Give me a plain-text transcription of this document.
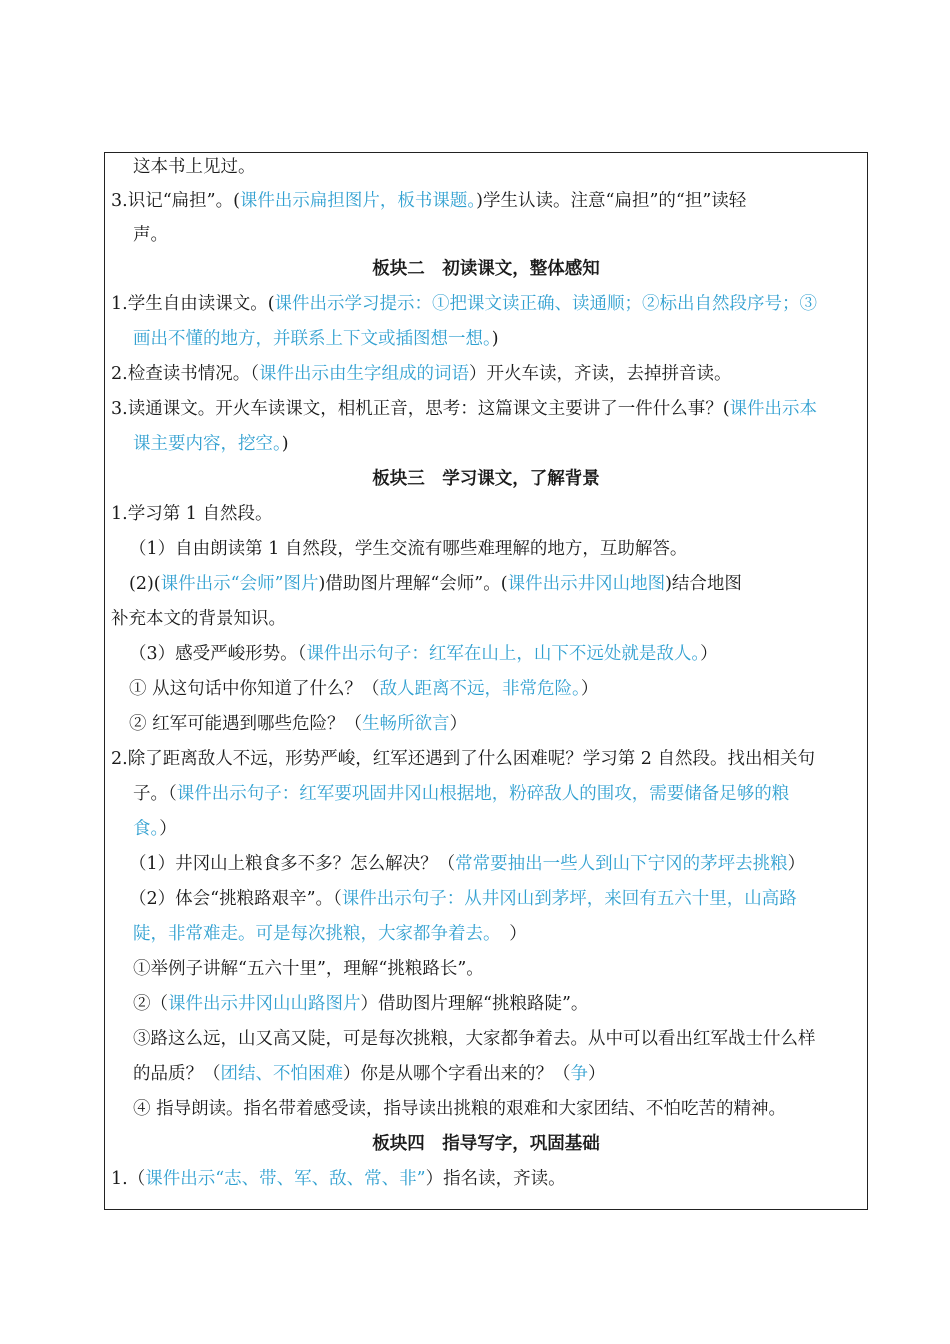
这本书上见过。
3.识记“扁担”。(课件出示扁担图片，板书课题。)学生认读。注意“扁担”的“担”读轻
声。
板块二　初读课文，整体感知
1.学生自由读课文。(课件出示学习提示：①把课文读正确、读通顺；②标出自然段序号；③
画出不懂的地方，并联系上下文或插图想一想。)
2.检查读书情况。（课件出示由生字组成的词语）开火车读，齐读，去掉拼音读。
3.读通课文。开火车读课文，相机正音，思考：这篇课文主要讲了一件什么事？(课件出示本
课主要内容，挖空。)
板块三　学习课文，了解背景
1.学习第 1 自然段。
（1）自由朗读第 1 自然段，学生交流有哪些难理解的地方，互助解答。
(2)(课件出示“会师”图片)借助图片理解“会师”。(课件出示井冈山地图)结合地图
补充本文的背景知识。
（3）感受严峻形势。（课件出示句子：红军在山上，山下不远处就是敌人。）
① 从这句话中你知道了什么？（敌人距离不远，非常危险。）
② 红军可能遇到哪些危险？（生畅所欲言）
2.除了距离敌人不远，形势严峻，红军还遇到了什么困难呢？学习第 2 自然段。找出相关句
子。（课件出示句子：红军要巩固井冈山根据地，粉碎敌人的围攻，需要储备足够的粮
食。）
（1）井冈山上粮食多不多？怎么解决？（常常要抽出一些人到山下宁冈的茅坪去挑粮）
（2）体会“挑粮路艰辛”。（课件出示句子：从井冈山到茅坪，来回有五六十里，山高路
陡，非常难走。可是每次挑粮，大家都争着去。　）
①举例子讲解“五六十里”，理解“挑粮路长”。
②（课件出示井冈山山路图片）借助图片理解“挑粮路陡”。
③路这么远，山又高又陡，可是每次挑粮，大家都争着去。从中可以看出红军战士什么样
的品质？（团结、不怕困难）你是从哪个字看出来的？（争）
④ 指导朗读。指名带着感受读，指导读出挑粮的艰难和大家团结、不怕吃苦的精神。
板块四　指导写字，巩固基础
1.（课件出示“志、带、军、敌、常、非”）指名读，齐读。
